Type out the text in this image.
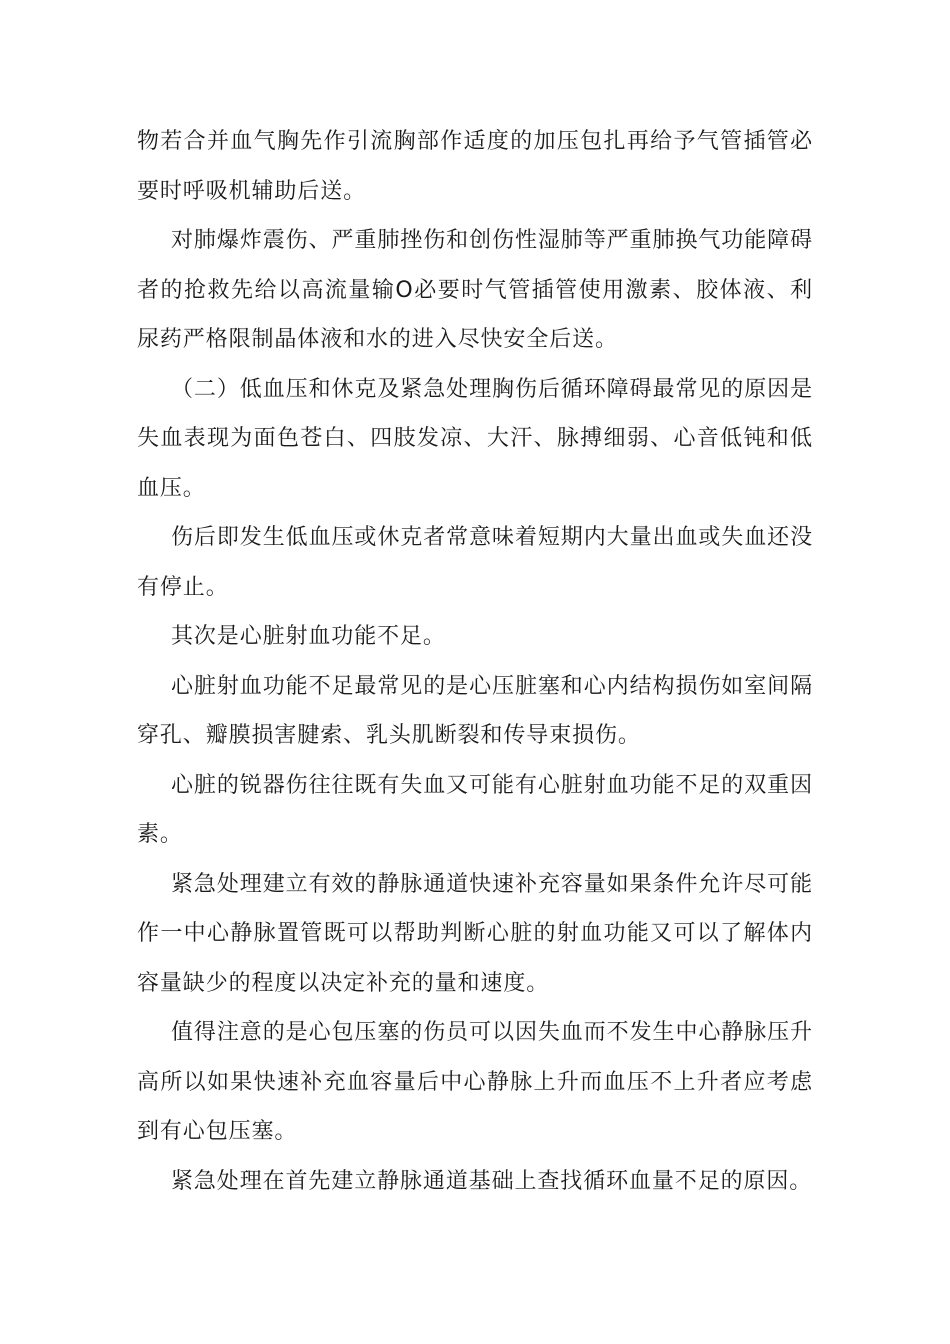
物若合并血气胸先作引流胸部作适度的加压包扎再给予气管插管必要时呼吸机辅助后送。

对肺爆炸震伤、严重肺挫伤和创伤性湿肺等严重肺换气功能障碍者的抢救先给以高流量输O必要时气管插管使用激素、胶体液、利尿药严格限制晶体液和水的进入尽快安全后送。

（二）低血压和休克及紧急处理胸伤后循环障碍最常见的原因是失血表现为面色苍白、四肢发凉、大汗、脉搏细弱、心音低钝和低血压。

伤后即发生低血压或休克者常意味着短期内大量出血或失血还没有停止。

其次是心脏射血功能不足。

心脏射血功能不足最常见的是心压脏塞和心内结构损伤如室间隔穿孔、瓣膜损害腱索、乳头肌断裂和传导束损伤。

心脏的锐器伤往往既有失血又可能有心脏射血功能不足的双重因素。

紧急处理建立有效的静脉通道快速补充容量如果条件允许尽可能作一中心静脉置管既可以帮助判断心脏的射血功能又可以了解体内容量缺少的程度以决定补充的量和速度。

值得注意的是心包压塞的伤员可以因失血而不发生中心静脉压升高所以如果快速补充血容量后中心静脉上升而血压不上升者应考虑到有心包压塞。

紧急处理在首先建立静脉通道基础上查找循环血量不足的原因。
